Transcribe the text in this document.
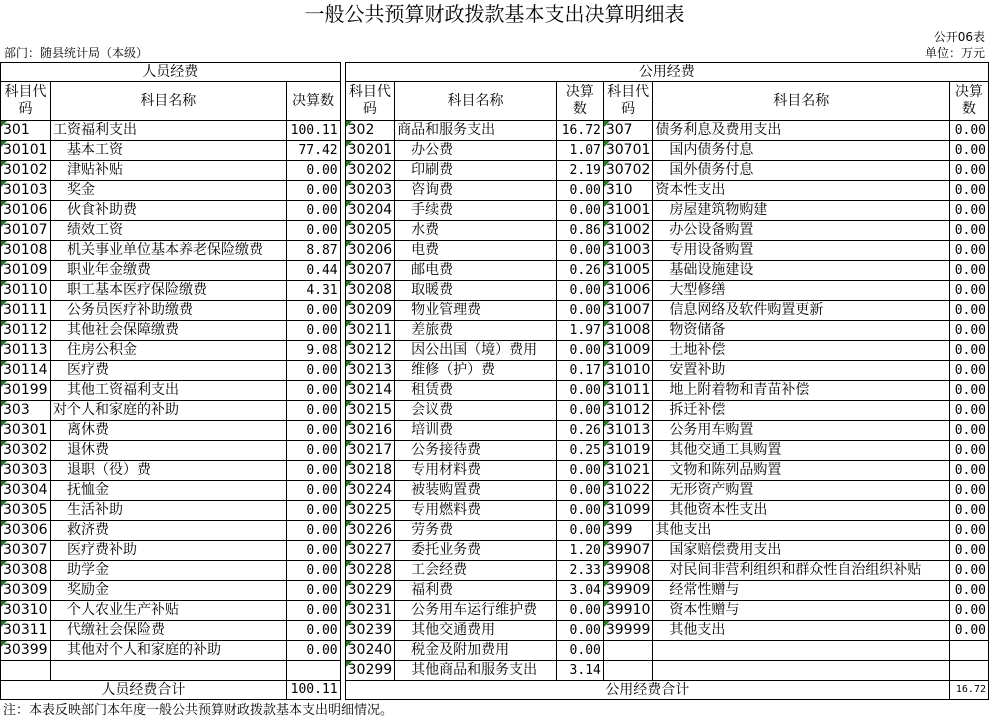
一般公共预算财政拨款基本支出决算明细表
公开06表
部门：随县统计局（本级）	单位：万元
人员经费				公用经费					
科目代码	科目名称	决算数		科目代码	科目名称	决算数	科目代码	科目名称	决算数
301	工资福利支出	100.11		302	商品和服务支出	16.72	307	债务利息及费用支出	0.00
30101	基本工资	77.42		30201	办公费	1.07	30701	国内债务付息	0.00
30102	津贴补贴	0.00		30202	印刷费	2.19	30702	国外债务付息	0.00
30103	奖金	0.00		30203	咨询费	0.00	310	资本性支出	0.00
30106	伙食补助费	0.00		30204	手续费	0.00	31001	房屋建筑物购建	0.00
30107	绩效工资	0.00		30205	水费	0.86	31002	办公设备购置	0.00
30108	机关事业单位基本养老保险缴费	8.87		30206	电费	0.00	31003	专用设备购置	0.00
30109	职业年金缴费	0.44		30207	邮电费	0.26	31005	基础设施建设	0.00
30110	职工基本医疗保险缴费	4.31		30208	取暖费	0.00	31006	大型修缮	0.00
30111	公务员医疗补助缴费	0.00		30209	物业管理费	0.00	31007	信息网络及软件购置更新	0.00
30112	其他社会保障缴费	0.00		30211	差旅费	1.97	31008	物资储备	0.00
30113	住房公积金	9.08		30212	因公出国（境）费用	0.00	31009	土地补偿	0.00
30114	医疗费	0.00		30213	维修（护）费	0.17	31010	安置补助	0.00
30199	其他工资福利支出	0.00		30214	租赁费	0.00	31011	地上附着物和青苗补偿	0.00
303	对个人和家庭的补助	0.00		30215	会议费	0.00	31012	拆迁补偿	0.00
30301	离休费	0.00		30216	培训费	0.26	31013	公务用车购置	0.00
30302	退休费	0.00		30217	公务接待费	0.25	31019	其他交通工具购置	0.00
30303	退职（役）费	0.00		30218	专用材料费	0.00	31021	文物和陈列品购置	0.00
30304	抚恤金	0.00		30224	被装购置费	0.00	31022	无形资产购置	0.00
30305	生活补助	0.00		30225	专用燃料费	0.00	31099	其他资本性支出	0.00
30306	救济费	0.00		30226	劳务费	0.00	399	其他支出	0.00
30307	医疗费补助	0.00		30227	委托业务费	1.20	39907	国家赔偿费用支出	0.00
30308	助学金	0.00		30228	工会经费	2.33	39908	对民间非营利组织和群众性自治组织补贴	0.00
30309	奖励金	0.00		30229	福利费	3.04	39909	经常性赠与	0.00
30310	个人农业生产补贴	0.00		30231	公务用车运行维护费	0.00	39910	资本性赠与	0.00
30311	代缴社会保险费	0.00		30239	其他交通费用	0.00	39999	其他支出	0.00
30399	其他对个人和家庭的补助	0.00		30240	税金及附加费用	0.00			
				30299	其他商品和服务支出	3.14			
人员经费合计		100.11		公用经费合计					16.72
注：本表反映部门本年度一般公共预算财政拨款基本支出明细情况。
